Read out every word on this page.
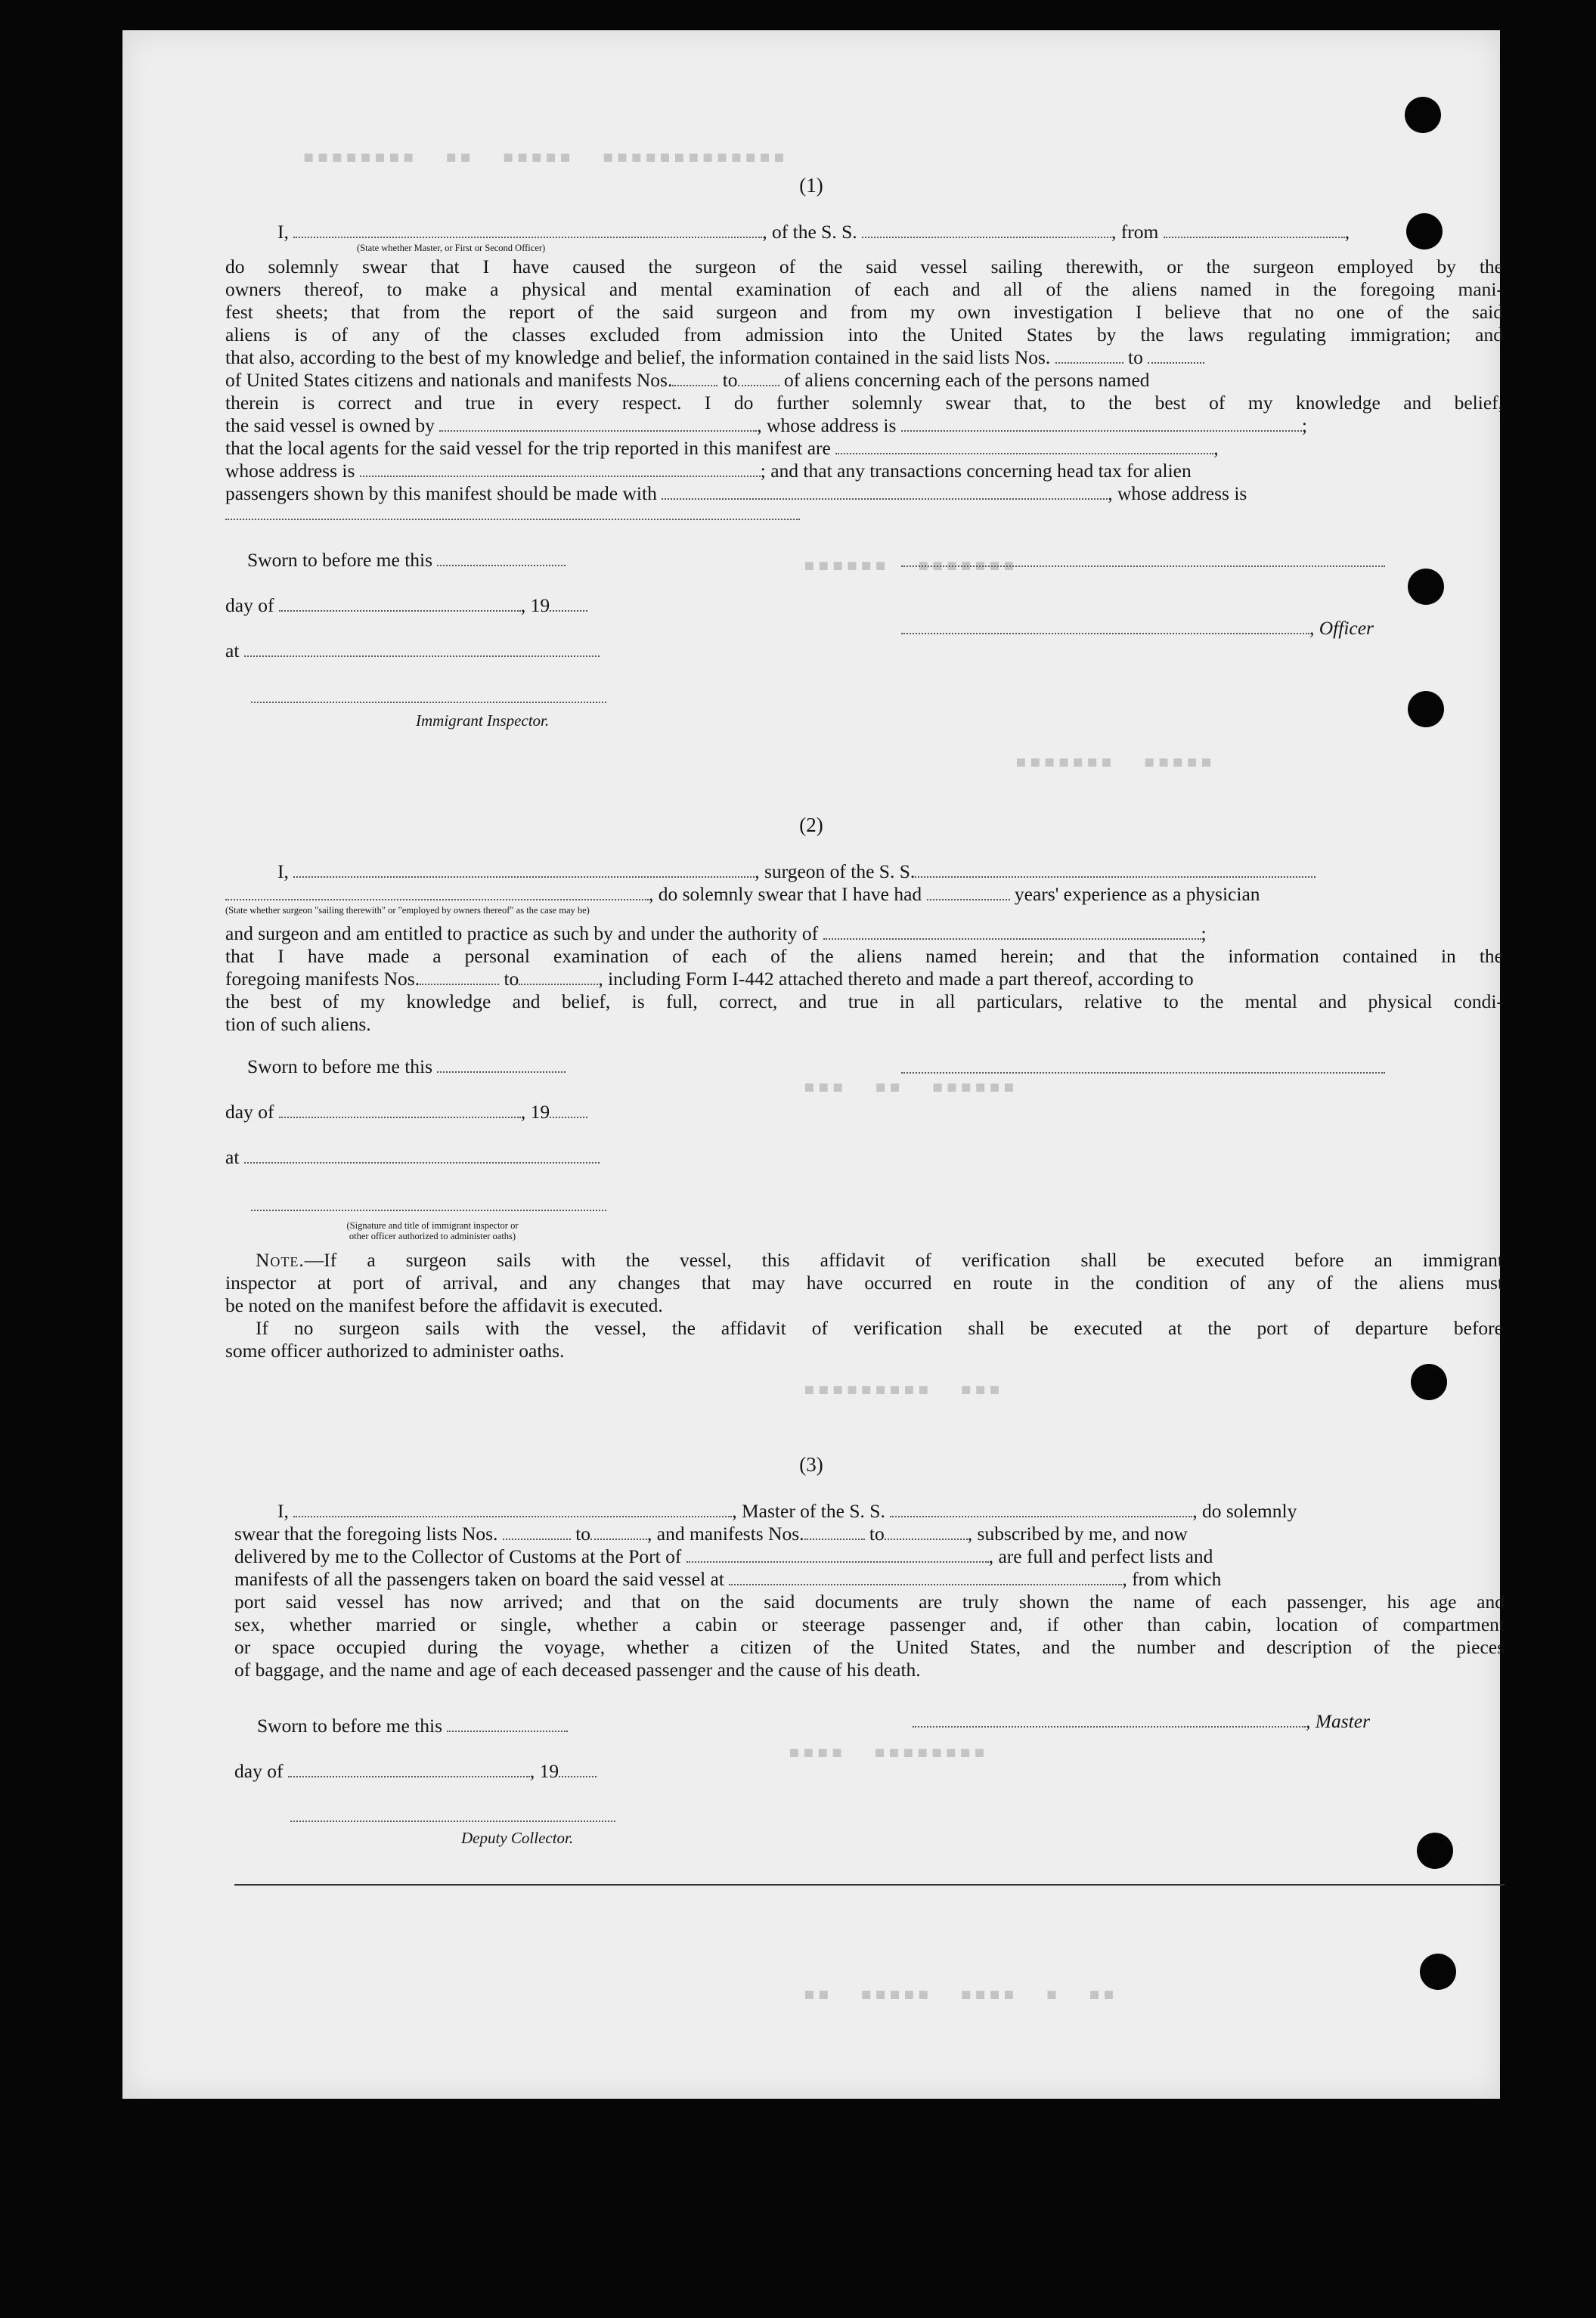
▪▪▪▪▪▪▪▪  ▪▪  ▪▪▪▪▪  ▪▪▪▪▪▪▪▪▪▪▪▪▪
▪▪▪▪▪▪  ▪▪▪▪▪▪▪
▪▪▪▪▪▪▪  ▪▪▪▪▪
▪▪▪  ▪▪  ▪▪▪▪▪▪
▪▪▪▪▪▪▪▪▪  ▪▪▪
▪▪▪▪  ▪▪▪▪▪▪▪▪
▪▪  ▪▪▪▪▪  ▪▪▪▪  ▪  ▪▪
(1)
I,	, of the S. S.	, from	,
(State whether Master, or First or Second Officer)
do solemnly swear that I have caused the surgeon of the said vessel sailing therewith, or the surgeon employed by the
owners thereof, to make a physical and mental examination of each and all of the aliens named in the foregoing mani-
fest sheets; that from the report of the said surgeon and from my own investigation I believe that no one of the said
aliens is of any of the classes excluded from admission into the United States by the laws regulating immigration; and
that also, according to the best of my knowledge and belief, the information contained in the said lists Nos.	to
of United States citizens and nationals and manifests Nos. to of aliens concerning each of the persons named
therein is correct and true in every respect. I do further solemnly swear that, to the best of my knowledge and belief,
the said vessel is owned by	, whose address is	;
that the local agents for the said vessel for the trip reported in this manifest are	,
whose address is	; and that any transactions concerning head tax for alien
passengers shown by this manifest should be made with	, whose address is
Sworn to before me this
day of	, 19
, Officer
at
Immigrant Inspector.
(2)
I,	, surgeon of the S. S.
, do solemnly swear that I have had	years' experience as a physician
(State whether surgeon "sailing therewith" or "employed by owners thereof" as the case may be)
and surgeon and am entitled to practice as such by and under the authority of	;
that I have made a personal examination of each of the aliens named herein; and that the information contained in the
foregoing manifests Nos.	to	, including Form I-442 attached thereto and made a part thereof, according to
the best of my knowledge and belief, is full, correct, and true in all particulars, relative to the mental and physical condi-
tion of such aliens.
Sworn to before me this
day of	, 19
at
(Signature and title of immigrant inspector or
other officer authorized to administer oaths)
Note.—If a surgeon sails with the vessel, this affidavit of verification shall be executed before an immigrant
inspector at port of arrival, and any changes that may have occurred en route in the condition of any of the aliens must
be noted on the manifest before the affidavit is executed.
If no surgeon sails with the vessel, the affidavit of verification shall be executed at the port of departure before
some officer authorized to administer oaths.
(3)
I,	, Master of the S. S.	, do solemnly
swear that the foregoing lists Nos.	to	, and manifests Nos.	to	, subscribed by me, and now
delivered by me to the Collector of Customs at the Port of	, are full and perfect lists and
manifests of all the passengers taken on board the said vessel at	, from which
port said vessel has now arrived; and that on the said documents are truly shown the name of each passenger, his age and
sex, whether married or single, whether a cabin or steerage passenger and, if other than cabin, location of compartment
or space occupied during the voyage, whether a citizen of the United States, and the number and description of the pieces
of baggage, and the name and age of each deceased passenger and the cause of his death.
Sworn to before me this	, Master
day of	, 19
Deputy Collector.
